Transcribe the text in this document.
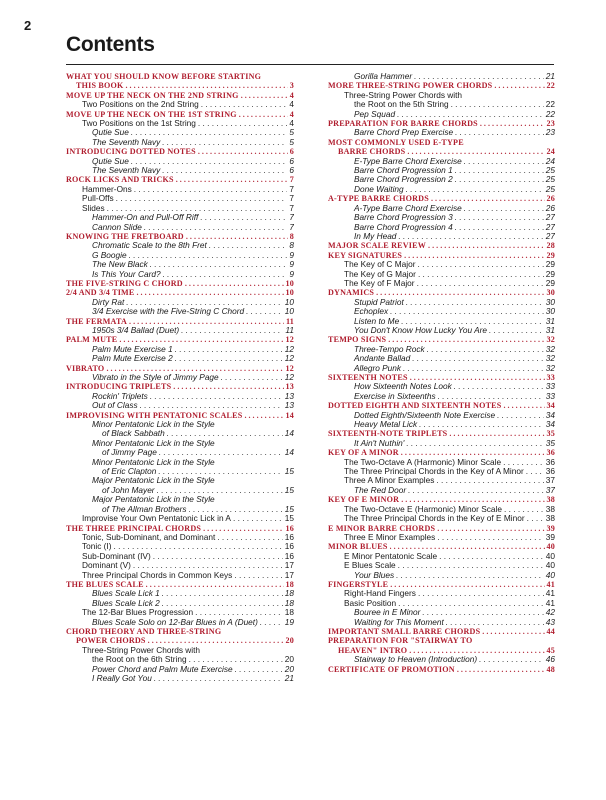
2
Contents
WHAT YOU SHOULD KNOW BEFORE STARTING
THIS BOOK . . .	3
MOVE UP THE NECK ON THE 2ND STRING . . .	4
Two Positions on the 2nd String . . .	4
MOVE UP THE NECK ON THE 1ST STRING . . .	4
Two Positions on the 1st String . . .	4
Qutie Sue . . .	5
The Seventh Navy . . .	5
INTRODUCING DOTTED NOTES . . .	6
Qutie Sue . . .	6
The Seventh Navy . . .	6
ROCK LICKS AND TRICKS . . .	7
Hammer-Ons . . .	7
Pull-Offs . . .	7
Slides . . .	7
Hammer-On and Pull-Off Riff . . .	7
Cannon Slide . . .	7
KNOWING THE FRETBOARD . . .	8
Chromatic Scale to the 8th Fret . . .	8
G Boogie . . .	9
The New Black . . .	9
Is This Your Card? . . .	9
THE FIVE-STRING C CHORD . . .	10
2/4 AND 3/4 TIME . . .	10
Dirty Rat . . .	10
3/4 Exercise with the Five-String C Chord . . .	10
THE FERMATA . . .	11
1950s 3/4 Ballad (Duet) . . .	11
PALM MUTE . . .	12
Palm Mute Exercise 1 . . .	12
Palm Mute Exercise 2 . . .	12
VIBRATO . . .	12
Vibrato in the Style of Jimmy Page . . .	12
INTRODUCING TRIPLETS . . .	13
Rockin' Triplets . . .	13
Out of Class . . .	13
IMPROVISING WITH PENTATONIC SCALES . . .	14
Minor Pentatonic Lick in the Style
of Black Sabbath . . .	14
Minor Pentatonic Lick in the Style
of Jimmy Page . . .	14
Minor Pentatonic Lick in the Style
of Eric Clapton . . .	15
Major Pentatonic Lick in the Style
of John Mayer . . .	15
Major Pentatonic Lick in the Style
of The Allman Brothers . . .	15
Improvise Your Own Pentatonic Lick in A . . .	15
THE THREE PRINCIPAL CHORDS . . .	16
Tonic, Sub-Dominant, and Dominant . . .	16
Tonic (I) . . .	16
Sub-Dominant (IV) . . .	16
Dominant (V) . . .	17
Three Principal Chords in Common Keys . . .	17
THE BLUES SCALE . . .	18
Blues Scale Lick 1 . . .	18
Blues Scale Lick 2 . . .	18
The 12-Bar Blues Progression . . .	18
Blues Scale Solo on 12-Bar Blues in A (Duet) . . .	19
CHORD THEORY AND THREE-STRING
POWER CHORDS . . .	20
Three-String Power Chords with
the Root on the 6th String . . .	20
Power Chord and Palm Mute Exercise . . .	20
I Really Got You . . .	21
Gorilla Hammer . . .	21
MORE THREE-STRING POWER CHORDS . . .	22
Three-String Power Chords with
the Root on the 5th String . . .	22
Pep Squad . . .	22
PREPARATION FOR BARRE CHORDS . . .	23
Barre Chord Prep Exercise . . .	23
MOST COMMONLY USED E-TYPE
BARRE CHORDS . . .	24
E-Type Barre Chord Exercise . . .	24
Barre Chord Progression 1 . . .	25
Barre Chord Progression 2 . . .	25
Done Waiting . . .	25
A-TYPE BARRE CHORDS . . .	26
A-Type Barre Chord Exercise . . .	26
Barre Chord Progression 3 . . .	27
Barre Chord Progression 4 . . .	27
In My Head . . .	27
MAJOR SCALE REVIEW . . .	28
KEY SIGNATURES . . .	29
The Key of C Major . . .	29
The Key of G Major . . .	29
The Key of F Major . . .	29
DYNAMICS . . .	30
Stupid Patriot . . .	30
Echoplex . . .	30
Listen to Me . . .	31
You Don't Know How Lucky You Are . . .	31
TEMPO SIGNS . . .	32
Three-Tempo Rock . . .	32
Andante Ballad . . .	32
Allegro Punk . . .	32
SIXTEENTH NOTES . . .	33
How Sixteenth Notes Look . . .	33
Exercise in Sixteenths . . .	33
DOTTED EIGHTH AND SIXTEENTH NOTES . . .	34
Dotted Eighth/Sixteenth Note Exercise . . .	34
Heavy Metal Lick . . .	34
SIXTEENTH-NOTE TRIPLETS . . .	35
It Ain't Nuthin' . . .	35
KEY OF A MINOR . . .	36
The Two-Octave A (Harmonic) Minor Scale . . .	36
The Three Principal Chords in the Key of A Minor . . .	36
Three A Minor Examples . . .	37
The Red Door . . .	37
KEY OF E MINOR . . .	38
The Two-Octave E (Harmonic) Minor Scale . . .	38
The Three Principal Chords in the Key of E Minor . . .	38
E MINOR BARRE CHORDS . . .	39
Three E Minor Examples . . .	39
MINOR BLUES . . .	40
E Minor Pentatonic Scale . . .	40
E Blues Scale . . .	40
Your Blues . . .	40
FINGERSTYLE . . .	41
Right-Hand Fingers . . .	41
Basic Position . . .	41
Bouree in E Minor . . .	42
Waiting for This Moment . . .	43
IMPORTANT SMALL BARRE CHORDS . . .	44
PREPARATION FOR "STAIRWAY TO
HEAVEN" INTRO . . .	45
Stairway to Heaven (Introduction) . . .	46
CERTIFICATE OF PROMOTION . . .	48
